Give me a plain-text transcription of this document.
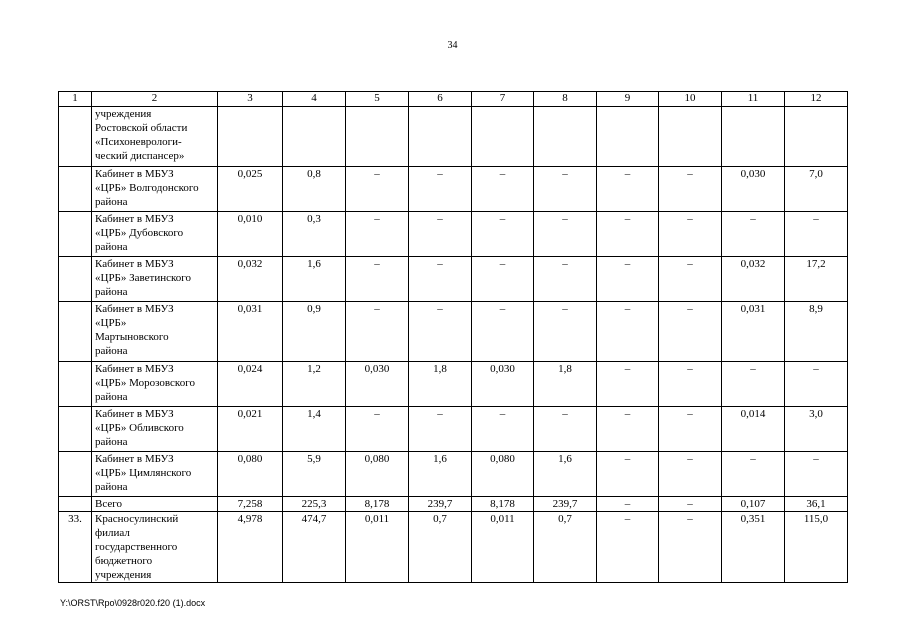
34
1	2	3	4	5	6	7	8	9	10	11	12

	учреждения
Ростовской области
«Психоневрологи-
ческий диспансер»										

	Кабинет в МБУЗ
«ЦРБ» Волгодонского
района	0,025	0,8	–	–	–	–	–	–	0,030	7,0

	Кабинет в МБУЗ
«ЦРБ» Дубовского
района	0,010	0,3	–	–	–	–	–	–	–	–

	Кабинет в МБУЗ
«ЦРБ» Заветинского
района	0,032	1,6	–	–	–	–	–	–	0,032	17,2

	Кабинет в МБУЗ
«ЦРБ»
Мартыновского
района	0,031	0,9	–	–	–	–	–	–	0,031	8,9

	Кабинет в МБУЗ
«ЦРБ» Морозовского
района	0,024	1,2	0,030	1,8	0,030	1,8	–	–	–	–

	Кабинет в МБУЗ
«ЦРБ» Обливского
района	0,021	1,4	–	–	–	–	–	–	0,014	3,0

	Кабинет в МБУЗ
«ЦРБ» Цимлянского
района	0,080	5,9	0,080	1,6	0,080	1,6	–	–	–	–

	Всего	7,258	225,3	8,178	239,7	8,178	239,7	–	–	0,107	36,1
33.	Красносулинский
филиал
государственного
бюджетного
учреждения	4,978	474,7	0,011	0,7	0,011	0,7	–	–	0,351	115,0
Y:\ORST\Rpo\0928r020.f20 (1).docx
